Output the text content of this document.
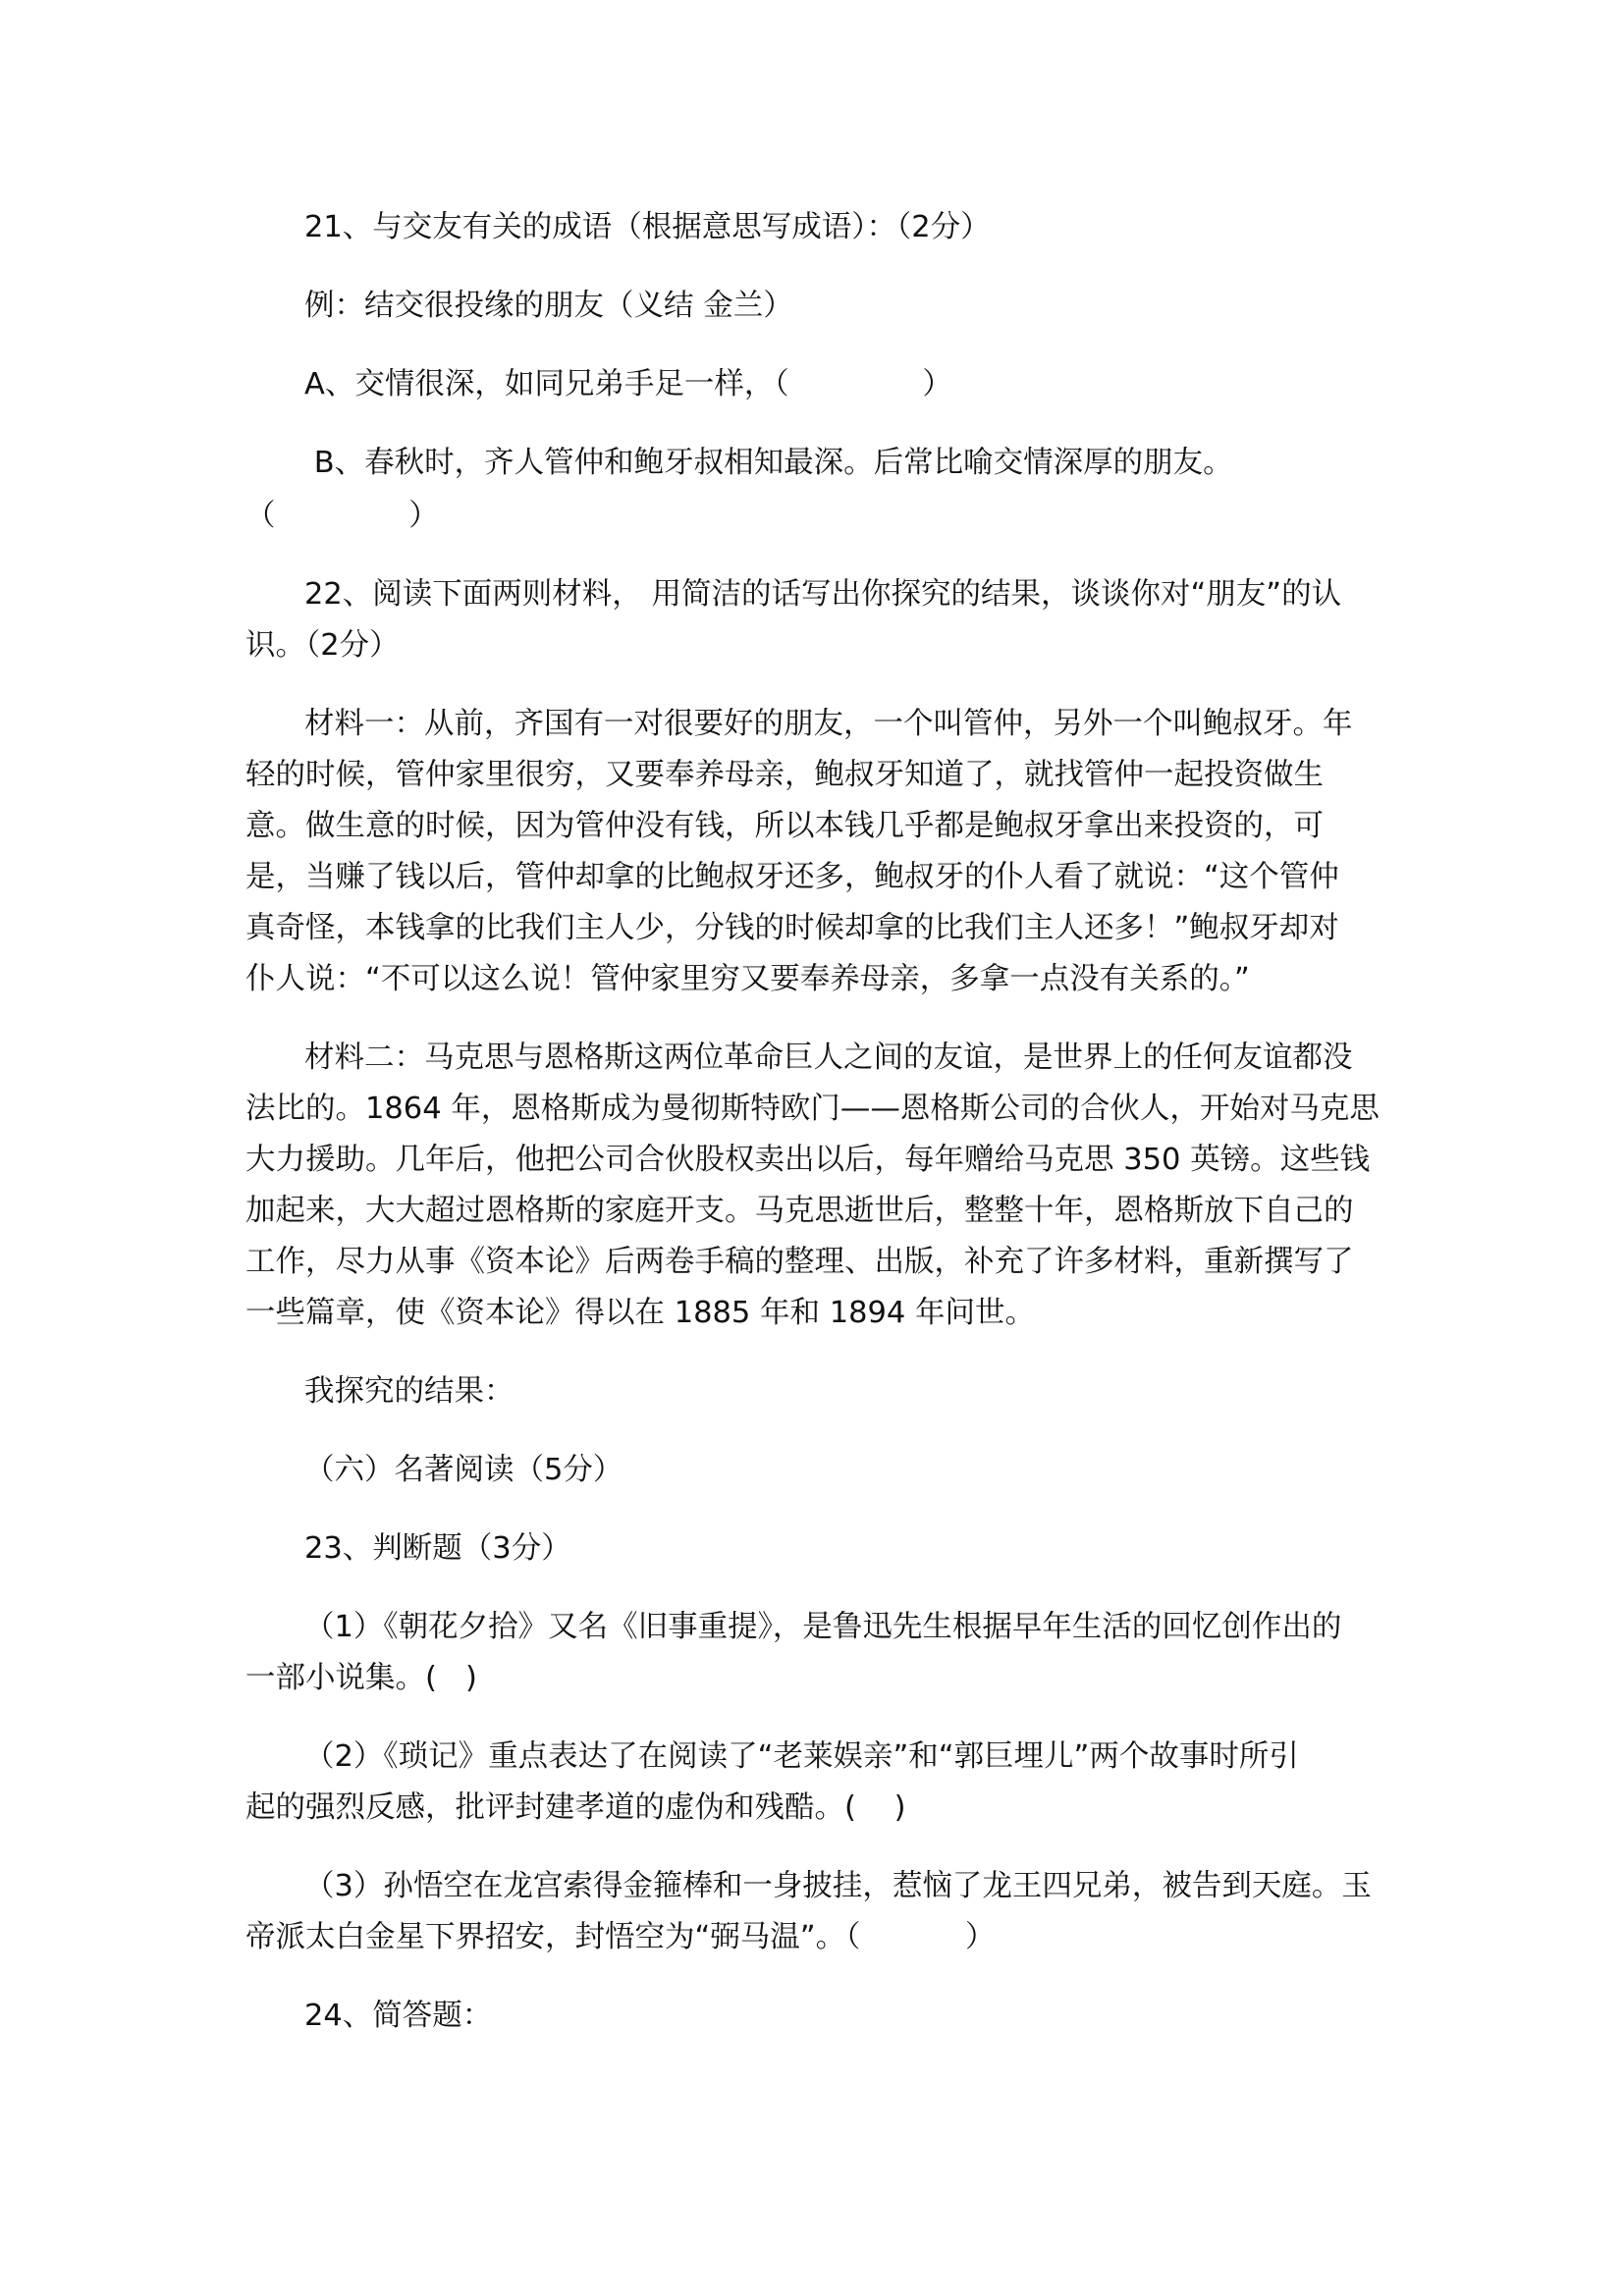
21、与交友有关的成语（根据意思写成语）：（2分）
例：结交很投缘的朋友（义结 金兰）
A、交情很深，如同兄弟手足一样，（              ）
B、春秋时，齐人管仲和鲍牙叔相知最深。后常比喻交情深厚的朋友。
（              ）
22、阅读下面两则材料， 用简洁的话写出你探究的结果，谈谈你对“朋友”的认
识。（2分）
材料一：从前，齐国有一对很要好的朋友，一个叫管仲，另外一个叫鲍叔牙。年
轻的时候，管仲家里很穷，又要奉养母亲，鲍叔牙知道了，就找管仲一起投资做生
意。做生意的时候，因为管仲没有钱，所以本钱几乎都是鲍叔牙拿出来投资的，可
是，当赚了钱以后，管仲却拿的比鲍叔牙还多，鲍叔牙的仆人看了就说：“这个管仲
真奇怪，本钱拿的比我们主人少，分钱的时候却拿的比我们主人还多！”鲍叔牙却对
仆人说：“不可以这么说！管仲家里穷又要奉养母亲，多拿一点没有关系的。”
材料二：马克思与恩格斯这两位革命巨人之间的友谊，是世界上的任何友谊都没
法比的。1864 年，恩格斯成为曼彻斯特欧门——恩格斯公司的合伙人，开始对马克思
大力援助。几年后，他把公司合伙股权卖出以后，每年赠给马克思 350 英镑。这些钱
加起来，大大超过恩格斯的家庭开支。马克思逝世后，整整十年，恩格斯放下自己的
工作，尽力从事《资本论》后两卷手稿的整理、出版，补充了许多材料，重新撰写了
一些篇章，使《资本论》得以在 1885 年和 1894 年问世。
我探究的结果：
（六）名著阅读（5分）
23、判断题（3分）
（1）《朝花夕拾》又名《旧事重提》，是鲁迅先生根据早年生活的回忆创作出的
一部小说集。(   )
（2）《琐记》重点表达了在阅读了“老莱娱亲”和“郭巨埋儿”两个故事时所引
起的强烈反感，批评封建孝道的虚伪和残酷。(    )
（3）孙悟空在龙宫索得金箍棒和一身披挂，惹恼了龙王四兄弟，被告到天庭。玉
帝派太白金星下界招安，封悟空为“弼马温”。（           ）
24、简答题：
